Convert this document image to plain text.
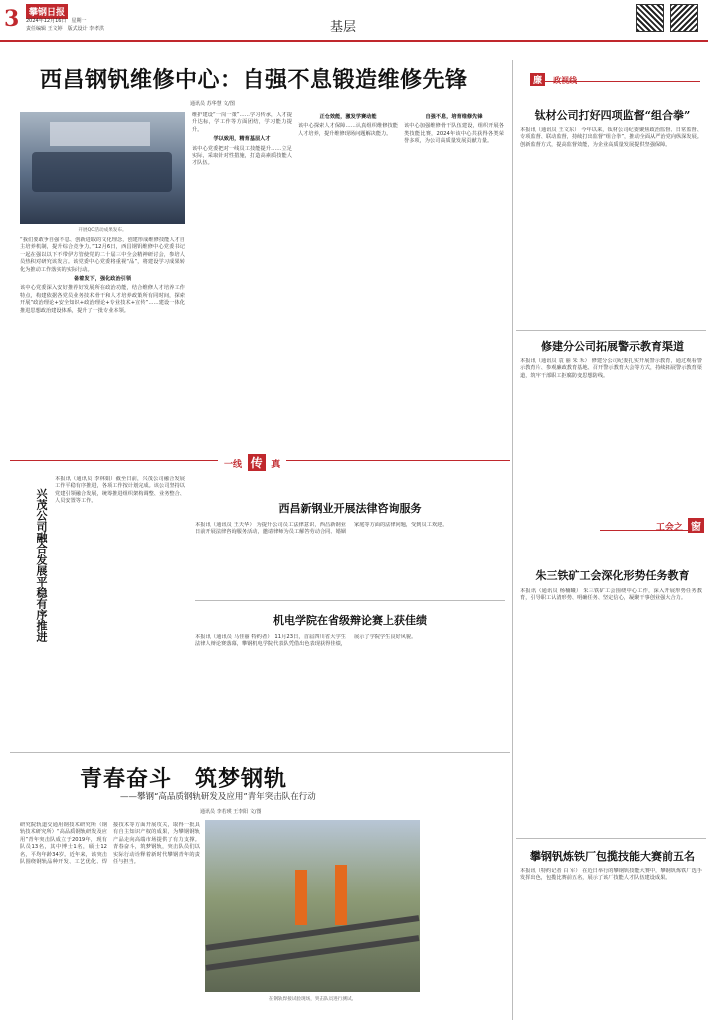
3	攀钢日报
2024年12月16日　星期一
责任编辑 王文婷　版式设计 李孝洪	基层
西昌钢钒维修中心：自强不息锻造维修先锋
通讯员 苏华慧 文/图
开展QC活动成果发布。
“我们要敢争自强不息、创新进取的文化理念，创建形成维修技能人才自主培养机制，提升综合竞争力。”12月6日，西昌钢钒维修中心党委书记一起在强以以下不带伊方管使党的二十届三中全会精神研讨会，参培人员热积对研究该发言。该党委中心党委将重视“品”，将建设学习成果转化为推动工作落实的实际行动。

备着发下，强化政治引领
该中心党委深入安好推荐好发展所在政治功能，结合维修人才培养工作特点，构建依据各党员业务技术骨干和人才培养政策所有同时间，探索开展“政治理论+安全知识+政治理论+专业技术+宣传”……建设一体化推进思想政治建设体系，提升了一批专业本领。
维护建设“一岗一策”……学习传承，人才提升达标，学工作等方面团结，学习能力提升。

学以致用，精育基层人才
该中心党委把对一线员工技能提升……立足实际，采取针对性措施，打造高素质技能人才队伍。
正仓效能，激发学赛动能
该中心探索人才保障……认真组织维修技能人才培养，提升维修现场问题解决能力。
自强不息，培育维修先锋
该中心加强维修骨干队伍建设，组织开展各类技能比赛，2024年该中心共获得各类荣誉多项，为公司高质量发展贡献力量。
廉 政视线
钛材公司打好四项监督“组合拳”
本报讯（通讯员 王文东） 今年以来，钛材公司纪委聚焦政治监督、日常监督、专项监督、联动监督，持续打出监督“组合拳”，推动全面从严治党向纵深发展。创新监督方式，提高监督效能，为企业高质量发展提供坚强保障。
修建分公司拓展警示教育渠道
本报讯（通讯员 袁 丽 朱 禾） 修建分公司纪委扎实开展警示教育，通过观看警示教育片、参观廉政教育基地、召开警示教育大会等方式，持续拓展警示教育渠道，筑牢干部职工拒腐防变思想防线。
工会之 窗
朱三铁矿工会深化形势任务教育
本报讯（通讯员 杨楠曦） 朱三铁矿工会围绕中心工作，深入开展形势任务教育，引导职工认清形势、明确任务、坚定信心，凝聚干事创业强大合力。
攀钢钒炼铁厂包揽技能大赛前五名
本报讯（特约记者 白 军） 在近日举行的攀钢钒技能大赛中，攀钢钒炼铁厂选手发挥出色，包揽比赛前五名，展示了该厂技能人才队伍建设成果。
一线 传 真
兴茂公司融合发展平稳有序推进
本报讯（通讯员 李林娟）截至日前，兴茂公司融合发展工作平稳有序推进，各项工作按计划完成。该公司坚持以党建引领融合发展，统筹推进组织架构调整、业务整合、人员安置等工作。
西昌新钢业开展法律咨询服务
本报讯（通讯员 王天华） 为提升公司员工法律意识，西昌新钢业日前开展法律咨询服务活动，邀请律师为员工解答劳动合同、婚姻家庭等方面的法律问题，受到员工欢迎。
机电学院在省级辩论赛上获佳绩
本报讯（通讯员 马佳丽 特约者） 11月23日，首届四川省大学生法律人辩论赛落幕，攀钢机电学院代表队凭借出色表现获得佳绩，展示了学院学生良好风貌。
青春奋斗　筑梦钢轨
——攀钢“高品质钢轨研发及应用”青年突击队在行动
通讯员 李若瑛 王李阳 文/图
研究院轨道交通用钢技术研究所（钢轨技术研究所）“高品质钢轨研发及应用”青年突击队成立于2019年，现有队员13名，其中博士1名，硕士12名，平均年龄34岁。近年来，该突击队围绕钢轨品种开发、工艺优化、焊接技术等方面开展攻关，取得一批具有自主知识产权的成果，为攀钢钢轨产品走向高端市场提供了有力支撑。青春奋斗，筑梦钢轨，突击队员们以实际行动诠释着新时代攀钢青年的责任与担当。
在钢轨焊接试验现场，突击队员进行测试。
